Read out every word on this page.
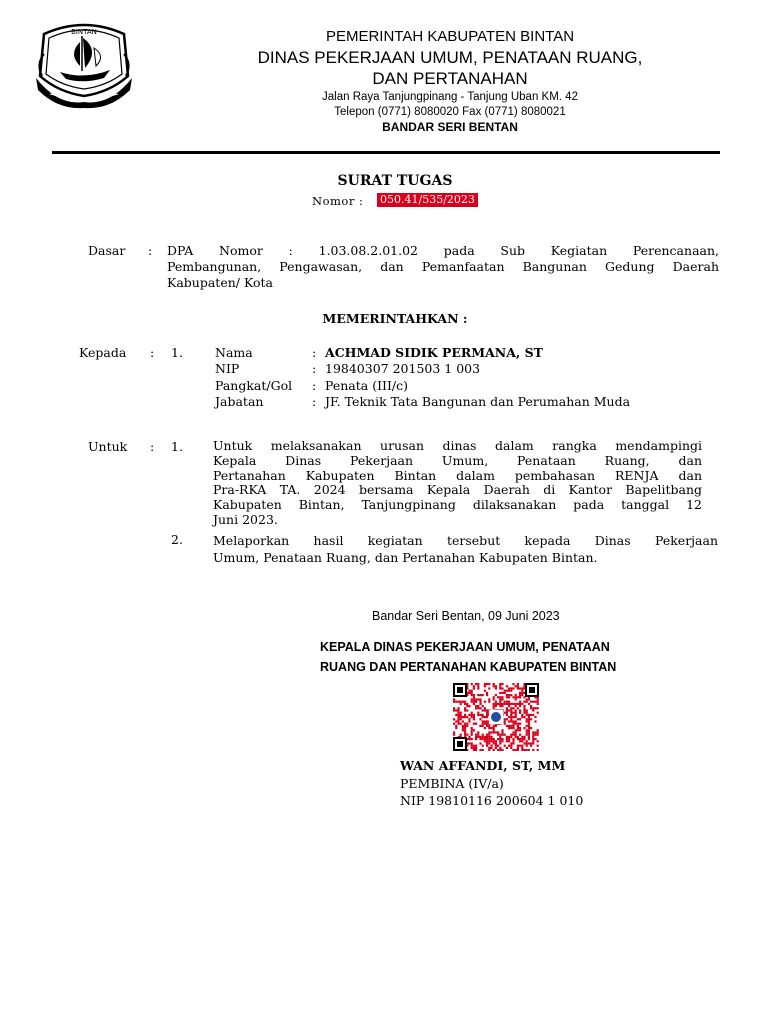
BINTAN	PEMERINTAH KABUPATEN BINTAN
DINAS PEKERJAAN UMUM, PENATAAN RUANG,
DAN PERTANAHAN
Jalan Raya Tanjungpinang - Tanjung Uban KM. 42
Telepon (0771) 8080020 Fax (0771) 8080021
BANDAR SERI BENTAN
SURAT TUGAS
Nomor : 050.41/535/2023
Dasar : DPA Nomor : 1.03.08.2.01.02 pada Sub Kegiatan Perencanaan,
Pembangunan, Pengawasan, dan Pemanfaatan Bangunan Gedung Daerah
Kabupaten/ Kota
MEMERINTAHKAN :
Kepada : 1.	Nama	: ACHMAD SIDIK PERMANA, ST
NIP	: 19840307 201503 1 003
Pangkat/Gol : Penata (III/c)
Jabatan	: JF. Teknik Tata Bangunan dan Perumahan Muda
Untuk : 1. Untuk melaksanakan urusan dinas dalam rangka mendampingi
Kepala Dinas Pekerjaan Umum, Penataan Ruang, dan
Pertanahan Kabupaten Bintan dalam pembahasan RENJA dan
Pra-RKA TA. 2024 bersama Kepala Daerah di Kantor Bapelitbang
Kabupaten Bintan, Tanjungpinang dilaksanakan pada tanggal 12
Juni 2023.
2. Melaporkan hasil kegiatan tersebut kepada Dinas Pekerjaan
Umum, Penataan Ruang, dan Pertanahan Kabupaten Bintan.
Bandar Seri Bentan, 09 Juni 2023
KEPALA DINAS PEKERJAAN UMUM, PENATAAN
RUANG DAN PERTANAHAN KABUPATEN BINTAN
WAN AFFANDI, ST, MM
PEMBINA (IV/a)
NIP 19810116 200604 1 010
